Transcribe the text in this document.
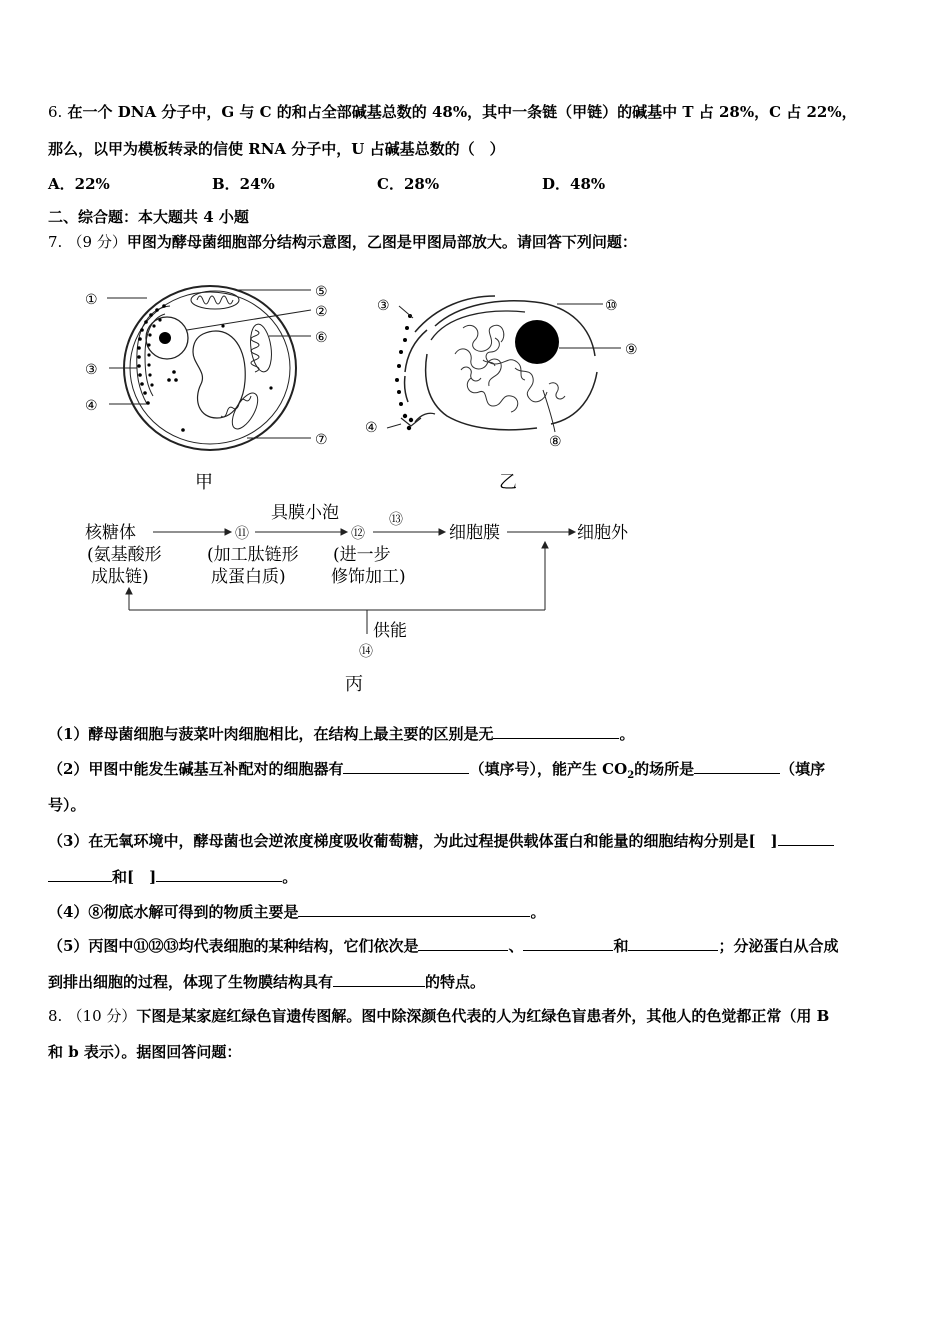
6. 在一个 DNA 分子中，G 与 C 的和占全部碱基总数的 48%，其中一条链（甲链）的碱基中 T 占 28%，C 占 22%，
那么，以甲为模板转录的信使 RNA 分子中，U 占碱基总数的（　）
A．22%	B．24%	C．28%	D．48%
二、综合题：本大题共 4 小题
7. （9 分）甲图为酵母菌细胞部分结构示意图，乙图是甲图局部放大。请回答下列问题：
①	⑤
②
⑥
③
④
⑦
甲
③	⑩
⑨
④
⑧
乙
核糖体
(氨基酸形
成肽链)
⑪
(加工肽链形
成蛋白质)
具膜小泡
⑫
(进一步
修饰加工)
⑬
细胞膜	细胞外
供能
⑭
丙
（1）酵母菌细胞与菠菜叶肉细胞相比，在结构上最主要的区别是无	。
（2）甲图中能发生碱基互补配对的细胞器有	（填序号），能产生 $CO_2$的场所是	（填序
号）。
（3）在无氧环境中，酵母菌也会逆浓度梯度吸收葡萄糖，为此过程提供载体蛋白和能量的细胞结构分别是[　]
和[　]	。
（4）⑧彻底水解可得到的物质主要是	。
（5）丙图中⑪⑫⑬均代表细胞的某种结构，它们依次是	、	和	；分泌蛋白从合成
到排出细胞的过程，体现了生物膜结构具有	的特点。
8. （10 分）下图是某家庭红绿色盲遗传图解。图中除深颜色代表的人为红绿色盲患者外，其他人的色觉都正常（用 B
和 b 表示）。据图回答问题：
